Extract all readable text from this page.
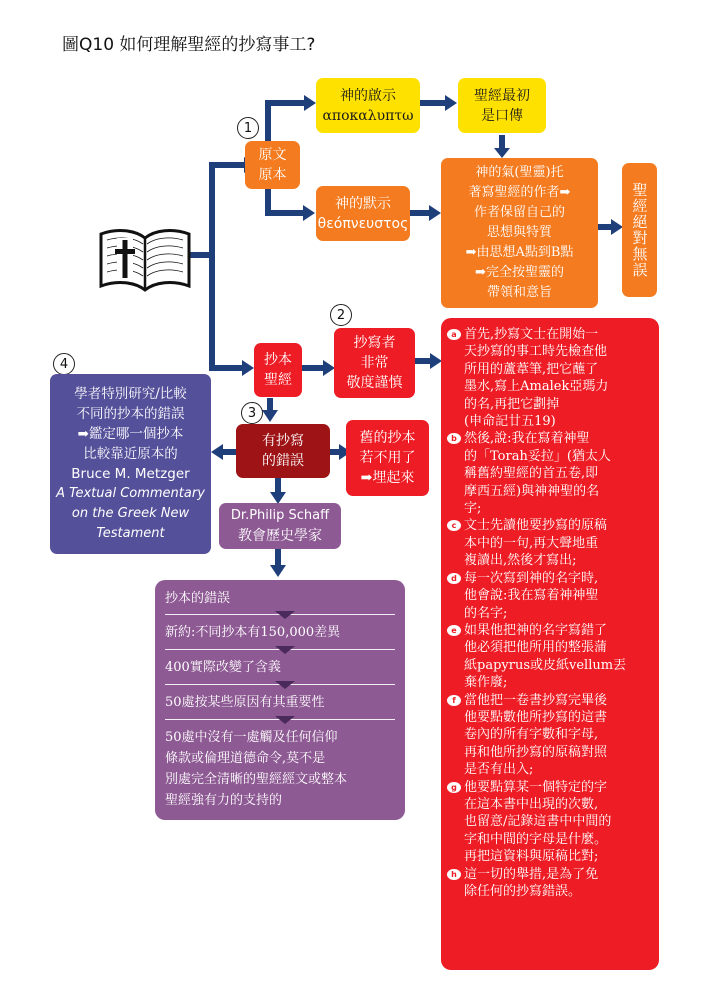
圖Q10 如何理解聖經的抄寫事工?
1
2
3
4
原文
原本
神的啟示
αποκαλυπτω
聖經最初
是口傳
神的默示
θεόπνευστος
神的氣(聖靈)托
著寫聖經的作者➡
作者保留自己的
思想與特質
➡由思想A點到B點
➡完全按聖靈的
帶領和意旨
聖經絕對無誤
抄本
聖經
抄寫者
非常
敬度謹慎
有抄寫
的錯誤
舊的抄本
若不用了
➡埋起來
Dr.Philip Schaff
教會歷史學家
學者特別研究/比較
不同的抄本的錯誤
➡鑑定哪一個抄本
比較靠近原本的
Bruce M. Metzger
A Textual Commentary
on the Greek New
Testament
抄本的錯誤
新約:不同抄本有150,000差異
400實際改變了含義
50處按某些原因有其重要性
50處中沒有一處觸及任何信仰
條款或倫理道德命令,莫不是
別處完全清晰的聖經經文或整本
聖經強有力的支持的
a 首先,抄寫文士在開始一
天抄寫的事工時先檢查他
所用的蘆葦筆,把它蘸了
墨水,寫上Amalek亞瑪力
的名,再把它劃掉
(申命記廿五19)
b 然後,說:我在寫着神聖
的「Torah妥拉」(猶太人
稱舊約聖經的首五卷,即
摩西五經)與神神聖的名
字;
c 文士先讀他要抄寫的原稿
本中的一句,再大聲地重
複讀出,然後才寫出;
d 每一次寫到神的名字時,
他會說:我在寫着神神聖
的名字;
e 如果他把神的名字寫錯了
他必須把他所用的整張蒲
紙papyrus或皮紙vellum丟
棄作廢;
f 當他把一卷書抄寫完畢後
他要點數他所抄寫的這書
卷內的所有字數和字母,
再和他所抄寫的原稿對照
是否有出入;
g 他要點算某一個特定的字
在這本書中出現的次數,
也留意/記錄這書中中間的
字和中間的字母是什麼。
再把這資料與原稿比對;
h 這一切的舉措,是為了免
除任何的抄寫錯誤。
